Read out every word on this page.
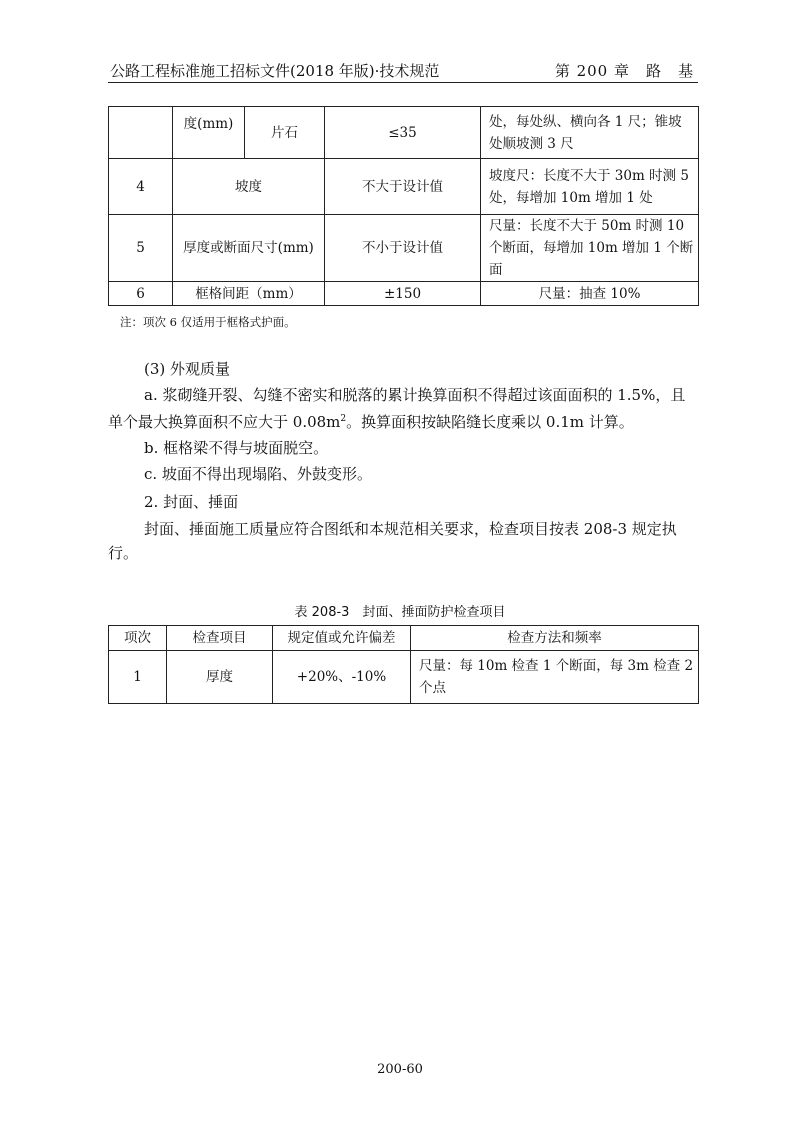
公路工程标准施工招标文件(2018 年版)·技术规范	第 200 章　路　基
	度(mm)	片石	≤35	处，每处纵、横向各 1 尺；锥坡处顺坡测 3 尺
4	坡度		不大于设计值	坡度尺：长度不大于 30m 时测 5 处，每增加 10m 增加 1 处
5	厚度或断面尺寸(mm)		不小于设计值	尺量：长度不大于 50m 时测 10 个断面，每增加 10m 增加 1 个断面
6	框格间距（mm）		±150	尺量：抽查 10%
注：项次 6 仅适用于框格式护面。
(3) 外观质量
a. 浆砌缝开裂、勾缝不密实和脱落的累计换算面积不得超过该面面积的 1.5%，且单个最大换算面积不应大于 $0.08m^2$。换算面积按缺陷缝长度乘以 0.1m 计算。
b. 框格梁不得与坡面脱空。
c. 坡面不得出现塌陷、外鼓变形。
2. 封面、捶面
封面、捶面施工质量应符合图纸和本规范相关要求，检查项目按表 208-3 规定执行。
表 208-3　封面、捶面防护检查项目
项次	检查项目	规定值或允许偏差	检查方法和频率
1	厚度	+20%、-10%	尺量：每 10m 检查 1 个断面，每 3m 检查 2 个点
200-60
